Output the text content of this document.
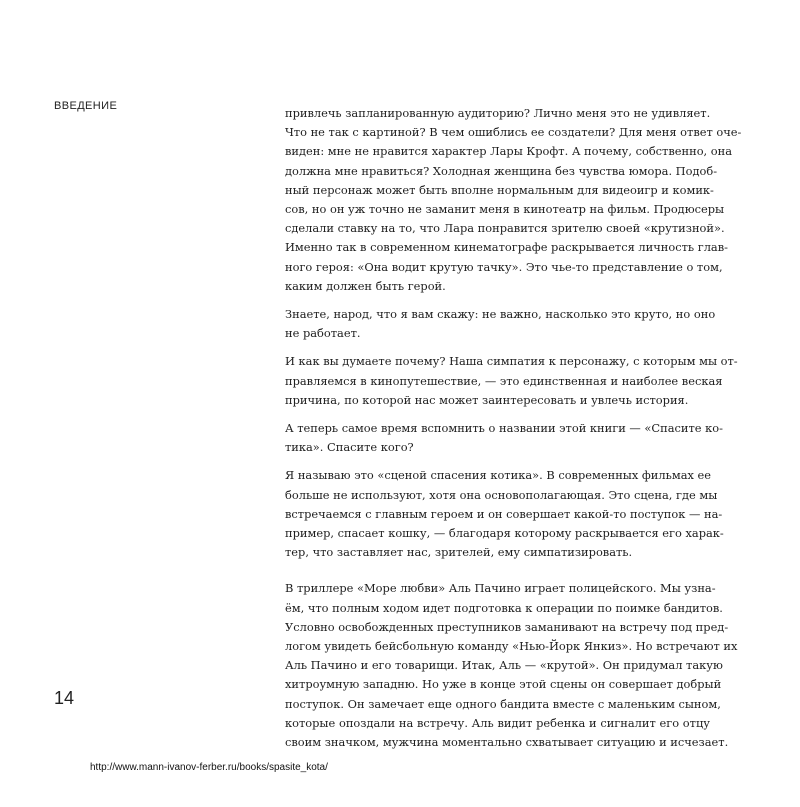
ВВЕДЕНИЕ	привлечь запланированную аудиторию? Лично меня это не удивляет.
Что не так с картиной? В чем ошиблись ее создатели? Для меня ответ оче-
виден: мне не нравится характер Лары Крофт. А почему, собственно, она
должна мне нравиться? Холодная женщина без чувства юмора. Подоб-
ный персонаж может быть вполне нормальным для видеоигр и комик-
сов, но он уж точно не заманит меня в кинотеатр на фильм. Продюсеры
сделали ставку на то, что Лара понравится зрителю своей «крутизной».
Именно так в современном кинематографе раскрывается личность глав-
ного героя: «Она водит крутую тачку». Это чье-то представление о том,
каким должен быть герой.
Знаете, народ, что я вам скажу: не важно, насколько это круто, но оно
не работает.
И как вы думаете почему? Наша симпатия к персонажу, с которым мы от-
правляемся в кинопутешествие, — это единственная и наиболее веская
причина, по которой нас может заинтересовать и увлечь история.
А теперь самое время вспомнить о названии этой книги — «Спасите ко-
тика». Спасите кого?
Я называю это «сценой спасения котика». В современных фильмах ее
больше не используют, хотя она основополагающая. Это сцена, где мы
встречаемся с главным героем и он совершает какой-то поступок — на-
пример, спасает кошку, — благодаря которому раскрывается его харак-
тер, что заставляет нас, зрителей, ему симпатизировать.
В триллере «Море любви» Аль Пачино играет полицейского. Мы узна-
ём, что полным ходом идет подготовка к операции по поимке бандитов.
Условно освобожденных преступников заманивают на встречу под пред-
логом увидеть бейсбольную команду «Нью-Йорк Янкиз». Но встречают их
Аль Пачино и его товарищи. Итак, Аль — «крутой». Он придумал такую
хитроумную западню. Но уже в конце этой сцены он совершает добрый
поступок. Он замечает еще одного бандита вместе с маленьким сыном,
которые опоздали на встречу. Аль видит ребенка и сигналит его отцу
своим значком, мужчина моментально схватывает ситуацию и исчезает.
14
http://www.mann-ivanov-ferber.ru/books/spasite_kota/
